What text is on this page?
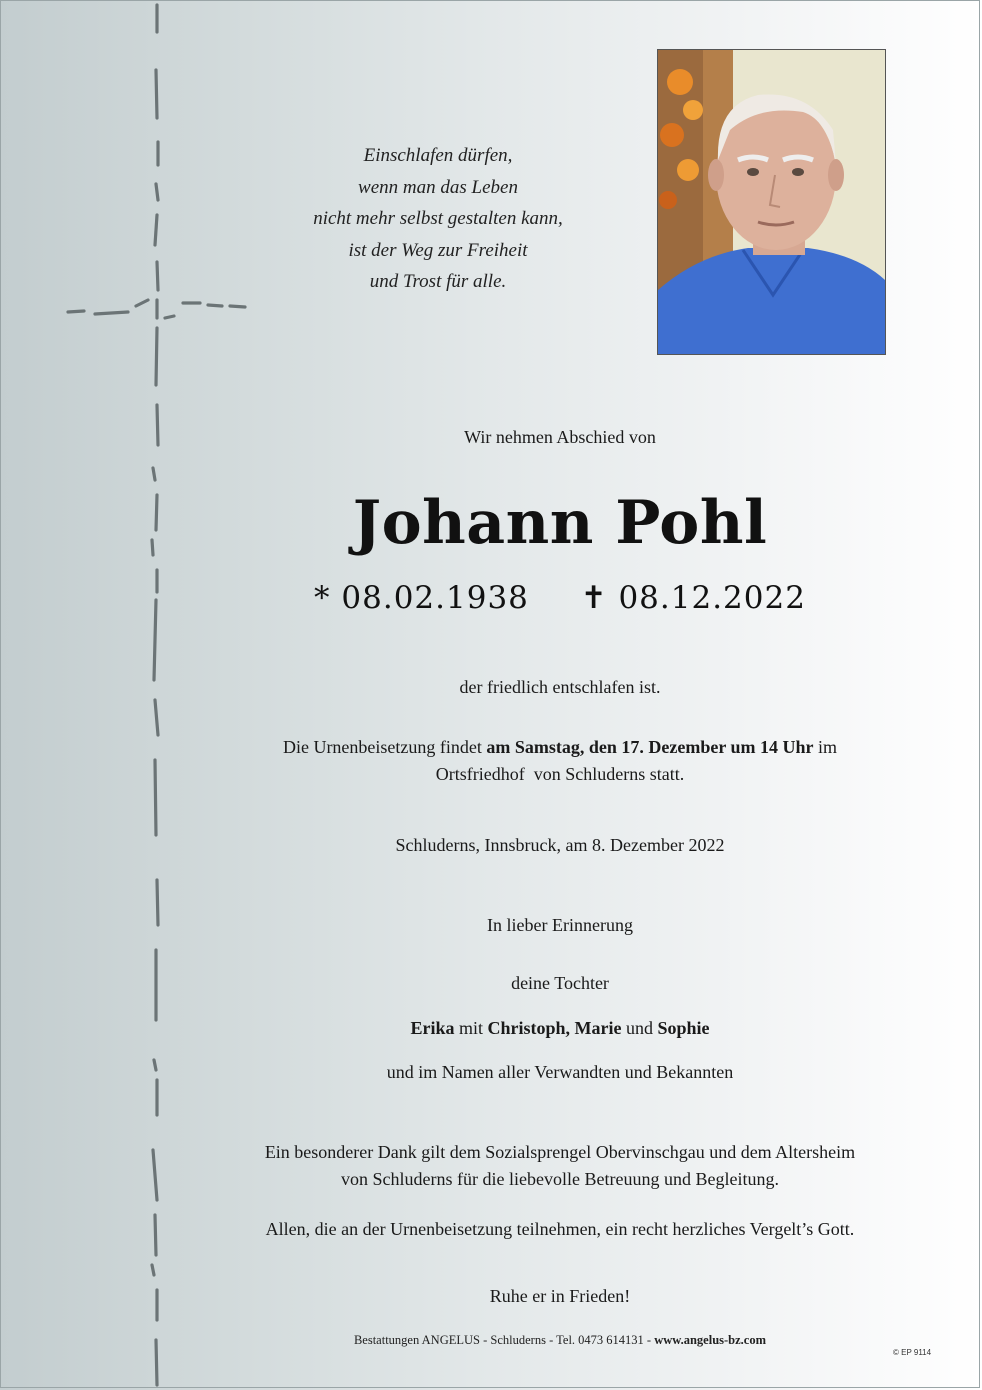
Einschlafen dürfen,
wenn man das Leben
nicht mehr selbst gestalten kann,
ist der Weg zur Freiheit
und Trost für alle.
Wir nehmen Abschied von
Johann Pohl
* 08.02.1938 ✝ 08.12.2022
der friedlich entschlafen ist.
Die Urnenbeisetzung findet am Samstag, den 17. Dezember um 14 Uhr im
Ortsfriedhof  von Schluderns statt.
Schluderns, Innsbruck, am 8. Dezember 2022
In lieber Erinnerung
deine Tochter
Erika mit Christoph, Marie und Sophie
und im Namen aller Verwandten und Bekannten
Ein besonderer Dank gilt dem Sozialsprengel Obervinschgau und dem Altersheim
von Schluderns für die liebevolle Betreuung und Begleitung.
Allen, die an der Urnenbeisetzung teilnehmen, ein recht herzliches Vergelt’s Gott.
Ruhe er in Frieden!
Bestattungen ANGELUS - Schluderns - Tel. 0473 614131 - www.angelus-bz.com
© EP 9114
